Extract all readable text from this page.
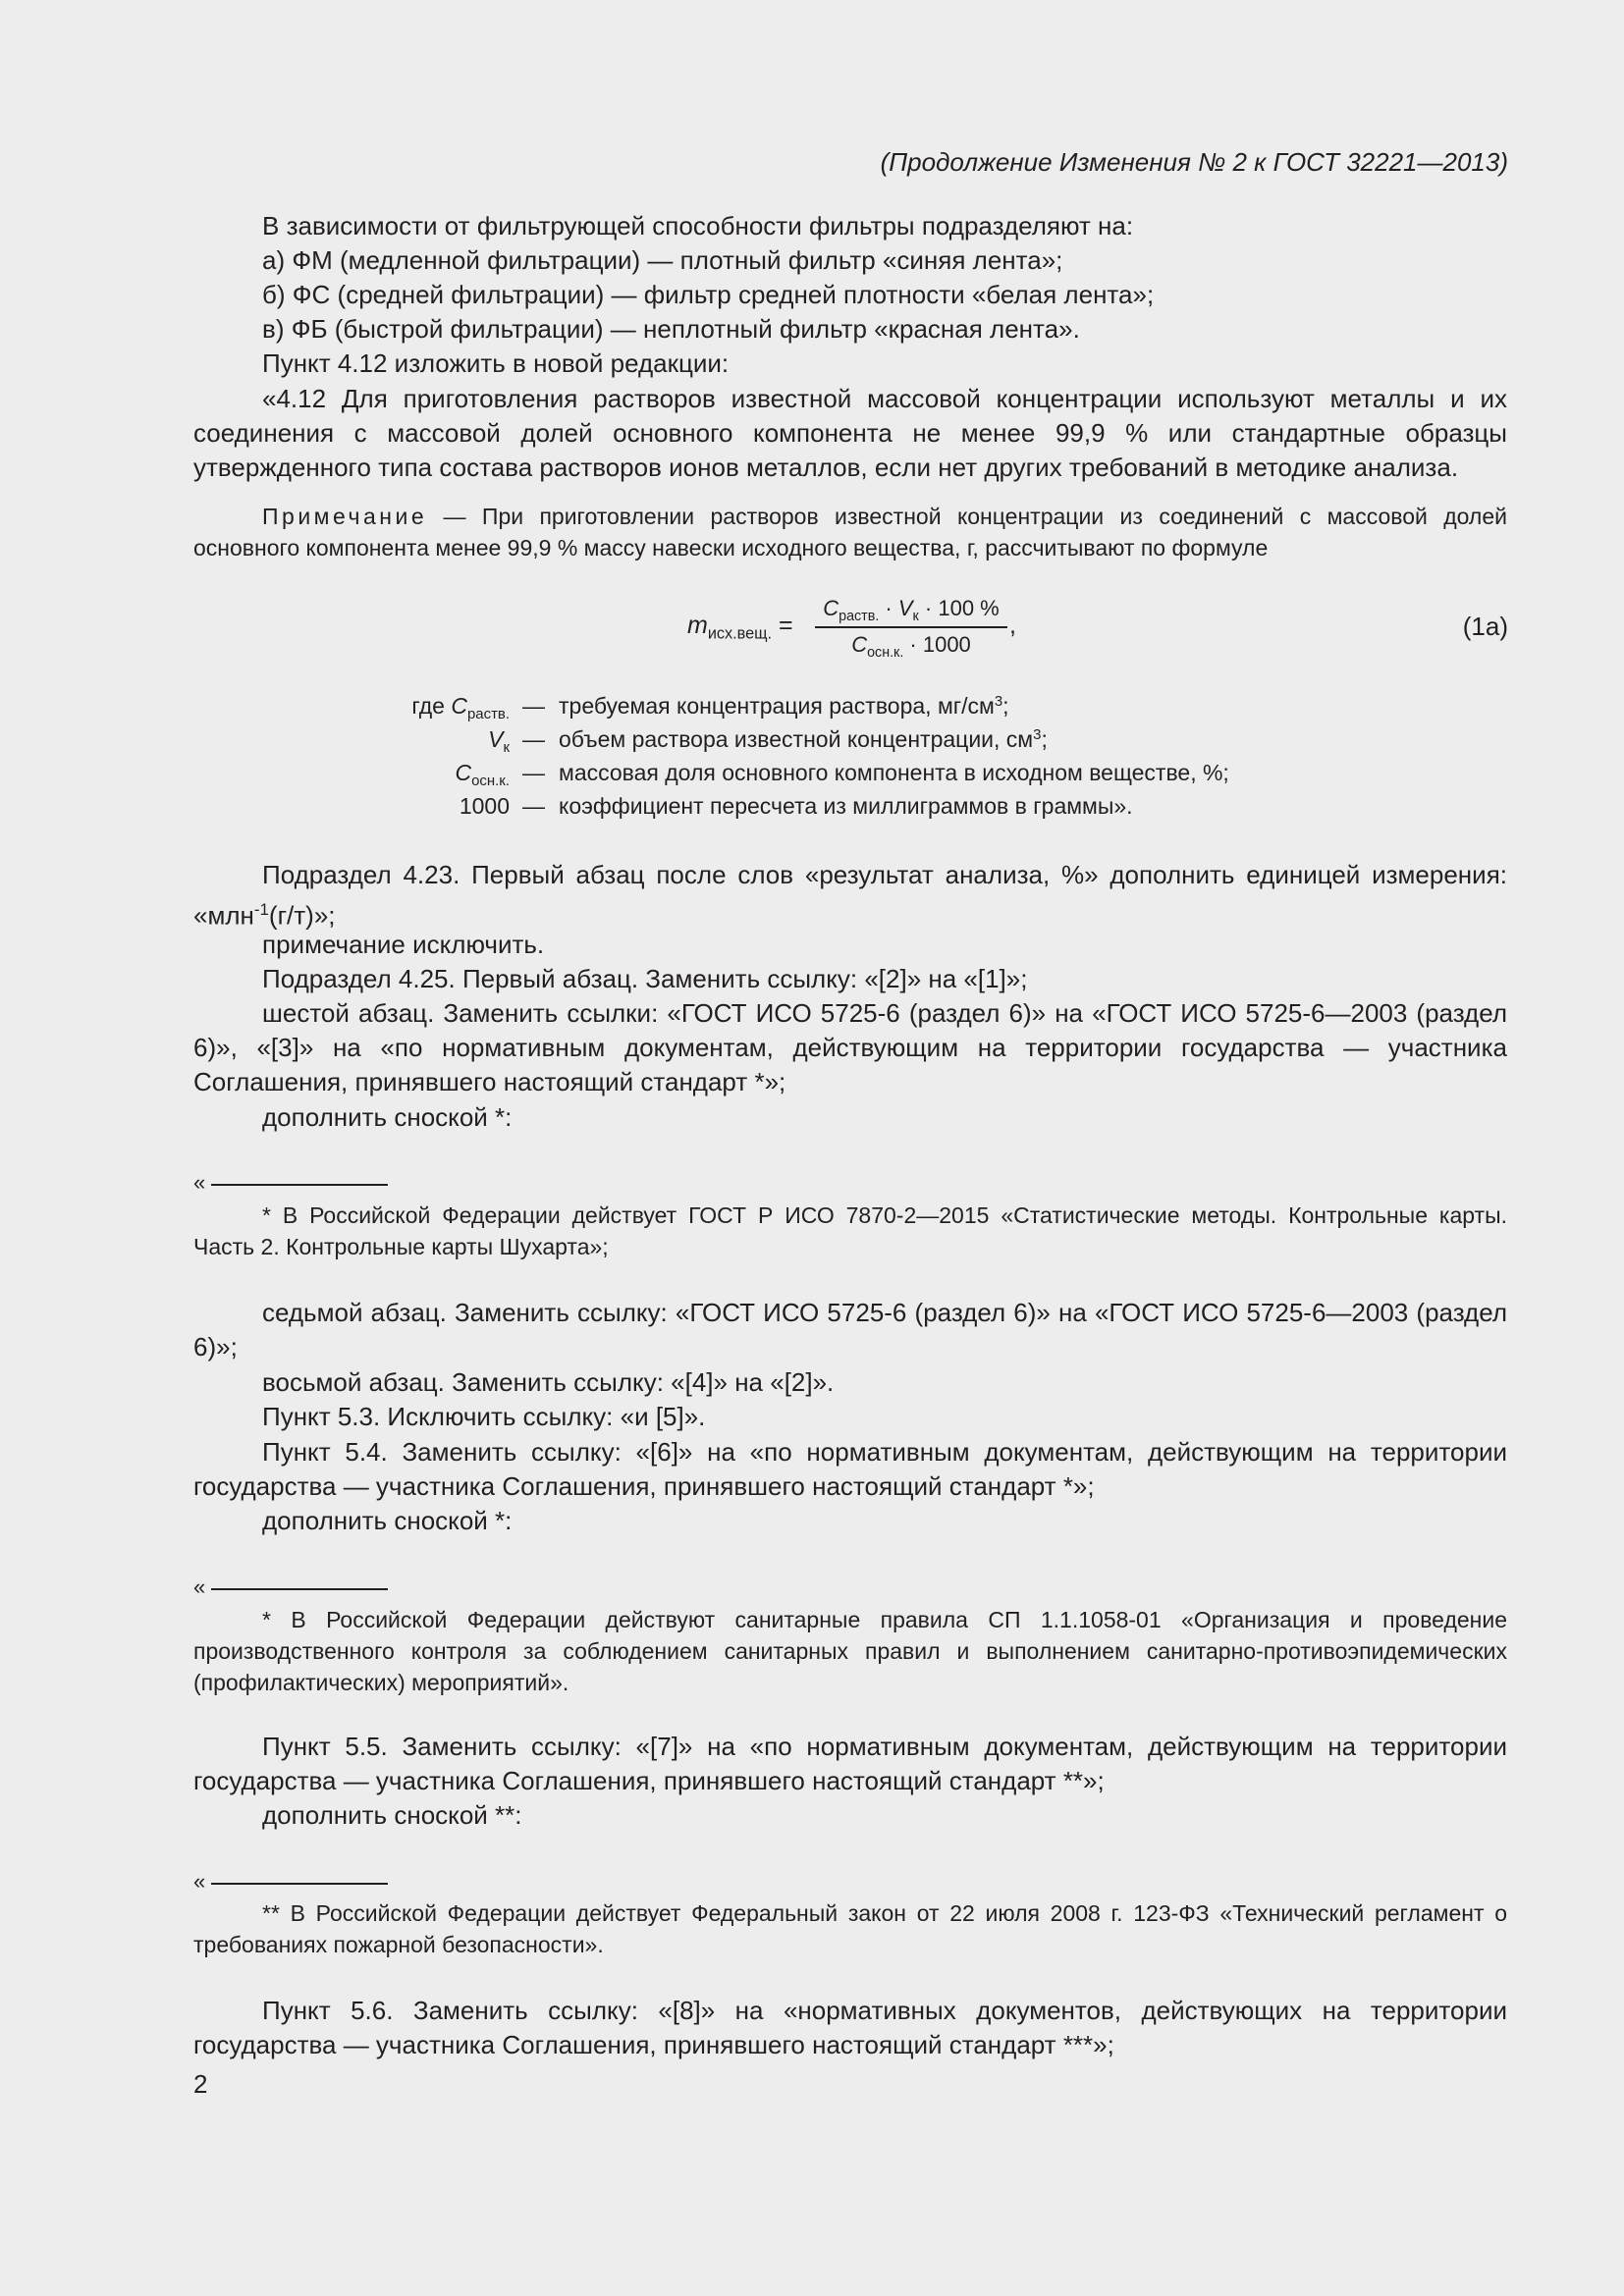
(Продолжение Изменения № 2 к ГОСТ 32221—2013)

В зависимости от фильтрующей способности фильтры подразделяют на:

а) ФМ (медленной фильтрации) — плотный фильтр «синяя лента»;

б) ФС (средней фильтрации) — фильтр средней плотности «белая лента»;

в) ФБ (быстрой фильтрации) — неплотный фильтр «красная лента».

Пункт 4.12 изложить в новой редакции:

«4.12 Для приготовления растворов известной массовой концентрации используют металлы и их соединения с массовой долей основного компонента не менее 99,9 % или стандартные образцы утвержденного типа состава растворов ионов металлов, если нет других требований в методике анализа.

Примечание — При приготовлении растворов известной концентрации из соединений с массовой долей основного компонента менее 99,9 % массу навески исходного вещества, г, рассчитывают по формуле

$m_{исх.вещ.}$ =
$C_{раств.} \cdot V_к \cdot 100$ %
$C_{осн.к.} \cdot 1000$
,	(1а)
где $C_{раств.}$ — требуемая концентрация раствора, $мг/см^3$;
$V_к$ — объем раствора известной концентрации, $см^3$;
$C_{осн.к.}$ — массовая доля основного компонента в исходном веществе, %;
1000 — коэффициент пересчета из миллиграммов в граммы».

Подраздел 4.23. Первый абзац после слов «результат анализа, %» дополнить единицей измерения: «млн$^{-1}$(г/т)»;

примечание исключить.

Подраздел 4.25. Первый абзац. Заменить ссылку: «[2]» на «[1]»;

шестой абзац. Заменить ссылки: «ГОСТ ИСО 5725-6 (раздел 6)» на «ГОСТ ИСО 5725-6—2003 (раздел 6)», «[3]» на «по нормативным документам, действующим на территории государства — участника Соглашения, принявшего настоящий стандарт *»;

дополнить сноской *:

«

* В Российской Федерации действует ГОСТ Р ИСО 7870-2—2015 «Статистические методы. Контрольные карты. Часть 2. Контрольные карты Шухарта»;

седьмой абзац. Заменить ссылку: «ГОСТ ИСО 5725-6 (раздел 6)» на «ГОСТ ИСО 5725-6—2003 (раздел 6)»;

восьмой абзац. Заменить ссылку: «[4]» на «[2]».

Пункт 5.3. Исключить ссылку: «и [5]».

Пункт 5.4. Заменить ссылку: «[6]» на «по нормативным документам, действующим на территории государства — участника Соглашения, принявшего настоящий стандарт *»;

дополнить сноской *:

«

* В Российской Федерации действуют санитарные правила СП 1.1.1058-01 «Организация и проведение производственного контроля за соблюдением санитарных правил и выполнением санитарно-противоэпидемических (профилактических) мероприятий».

Пункт 5.5. Заменить ссылку: «[7]» на «по нормативным документам, действующим на территории государства — участника Соглашения, принявшего настоящий стандарт **»;

дополнить сноской **:

«

** В Российской Федерации действует Федеральный закон от 22 июля 2008 г. 123-ФЗ «Технический регламент о требованиях пожарной безопасности».

Пункт 5.6. Заменить ссылку: «[8]» на «нормативных документов, действующих на территории государства — участника Соглашения, принявшего настоящий стандарт ***»;

2
